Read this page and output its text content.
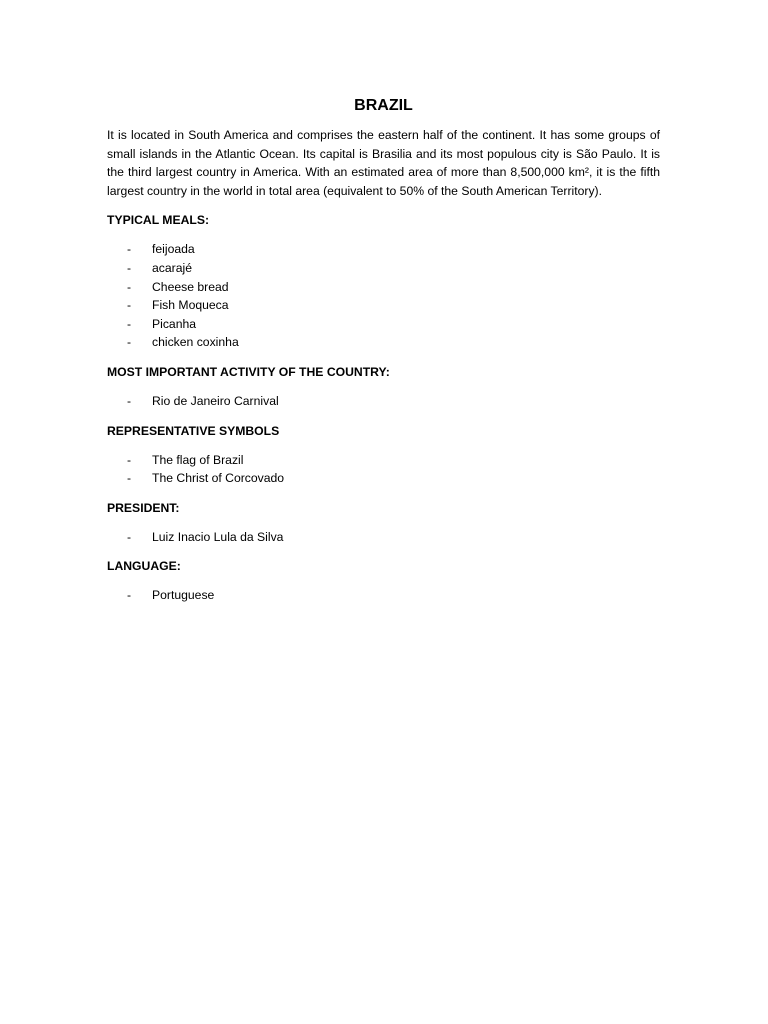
BRAZIL

It is located in South America and comprises the eastern half of the continent. It has some groups of small islands in the Atlantic Ocean. Its capital is Brasilia and its most populous city is São Paulo. It is the third largest country in America. With an estimated area of more than 8,500,000 km², it is the fifth largest country in the world in total area (equivalent to 50% of the South American Territory).

TYPICAL MEALS:
- feijoada
- acarajé
- Cheese bread
- Fish Moqueca
- Picanha
- chicken coxinha
MOST IMPORTANT ACTIVITY OF THE COUNTRY:
- Rio de Janeiro Carnival
REPRESENTATIVE SYMBOLS
- The flag of Brazil
- The Christ of Corcovado
PRESIDENT:
- Luiz Inacio Lula da Silva
LANGUAGE:
- Portuguese
